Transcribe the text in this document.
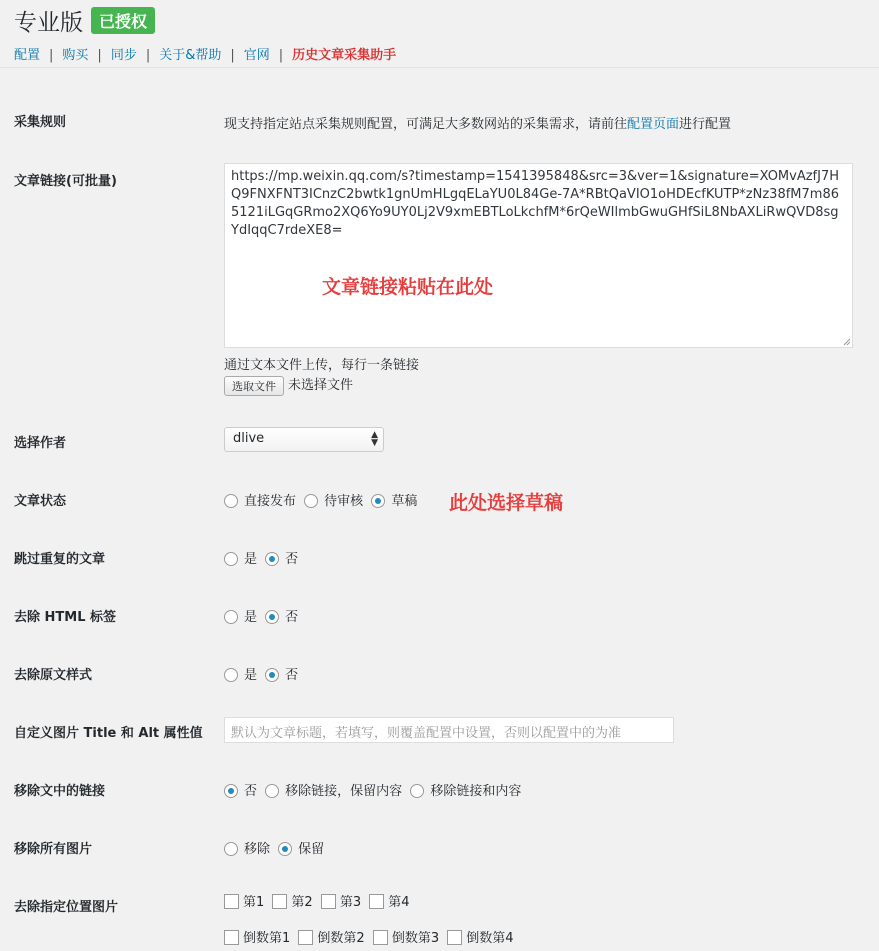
专业版	已授权
配置 | 购买 | 同步 | 关于&帮助 | 官网 | 历史文章采集助手
采集规则	现支持指定站点采集规则配置，可满足大多数网站的采集需求，请前往配置页面进行配置
文章链接(可批量)	https://mp.weixin.qq.com/s?timestamp=1541395848&src=3&ver=1&signature=XOMvAzfJ7HQ9FNXFNT3ICnzC2bwtk1gnUmHLgqELaYU0L84Ge-7A*RBtQaVIO1oHDEcfKUTP*zNz38fM7m865121iLGqGRmo2XQ6Yo9UY0Lj2V9xmEBTLoLkchfM*6rQeWIlmbGwuGHfSiL8NbAXLiRwQVD8sgYdIqqC7rdeXE8=
文章链接粘贴在此处
通过文本文件上传，每行一条链接
选取文件 未选择文件
选择作者	dlive	▲
▼
文章状态	直接发布 待审核 草稿 此处选择草稿
跳过重复的文章	是 否
去除 HTML 标签	是 否
去除原文样式	是 否
自定义图片 Title 和 Alt 属性值	默认为文章标题，若填写，则覆盖配置中设置，否则以配置中的为准
移除文中的链接	否 移除链接，保留内容 移除链接和内容
移除所有图片	移除 保留
去除指定位置图片	第1 第2 第3 第4
倒数第1 倒数第2 倒数第3 倒数第4
